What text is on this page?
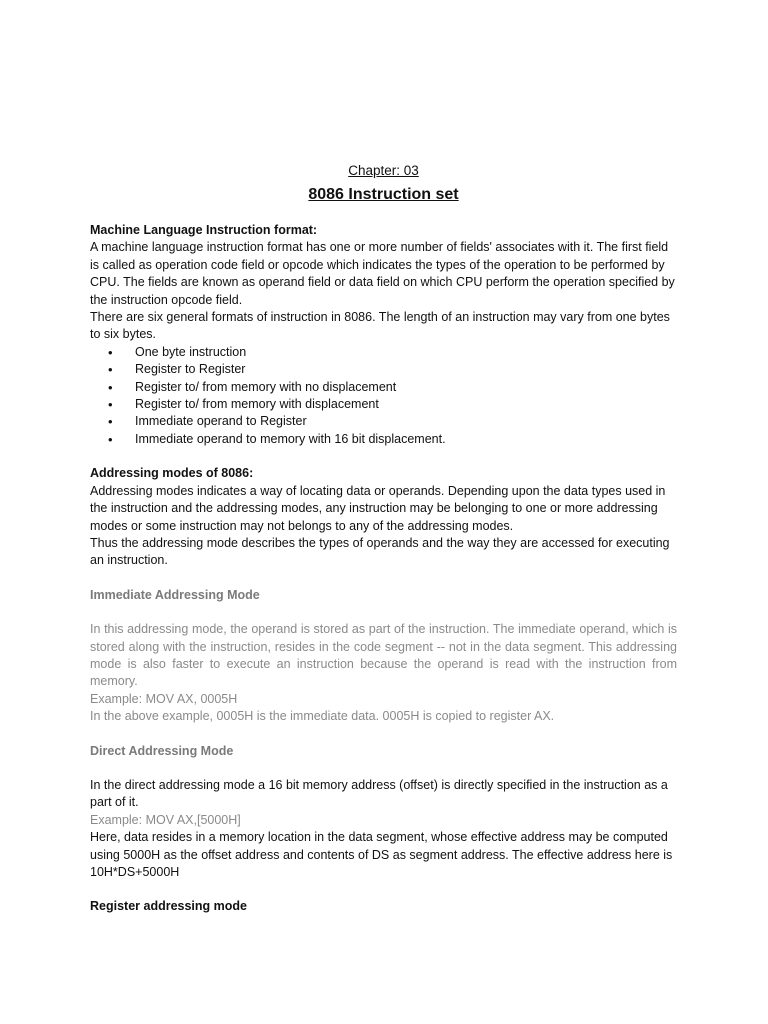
Chapter: 03

8086 Instruction set

Machine Language Instruction format:

A machine language instruction format has one or more number of fields' associates with it. The first field is called as operation code field or opcode which indicates the types of the operation to be performed by CPU. The fields are known as operand field or data field on which CPU perform the operation specified by the instruction opcode field.

There are six general formats of instruction in 8086. The length of an instruction may vary from one bytes to six bytes.

• One byte instruction
• Register to Register
• Register to/ from memory with no displacement
• Register to/ from memory with displacement
• Immediate operand to Register
• Immediate operand to memory with 16 bit displacement.

Addressing modes of 8086:

Addressing modes indicates a way of locating data or operands. Depending upon the data types used in the instruction and the addressing modes, any instruction may be belonging to one or more addressing modes or some instruction may not belongs to any of the addressing modes.

Thus the addressing mode describes the types of operands and the way they are accessed for executing an instruction.

Immediate Addressing Mode

In this addressing mode, the operand is stored as part of the instruction. The immediate operand, which is stored along with the instruction, resides in the code segment -- not in the data segment. This addressing mode is also faster to execute an instruction because the operand is read with the instruction from memory.

Example: MOV AX, 0005H

In the above example, 0005H is the immediate data. 0005H is copied to register AX.

Direct Addressing Mode

In the direct addressing mode a 16 bit memory address (offset) is directly specified in the instruction as a part of it.

Example: MOV AX,[5000H]

Here, data resides in a memory location in the data segment, whose effective address may be computed using 5000H as the offset address and contents of DS as segment address. The effective address here is 10H*DS+5000H

Register addressing mode
